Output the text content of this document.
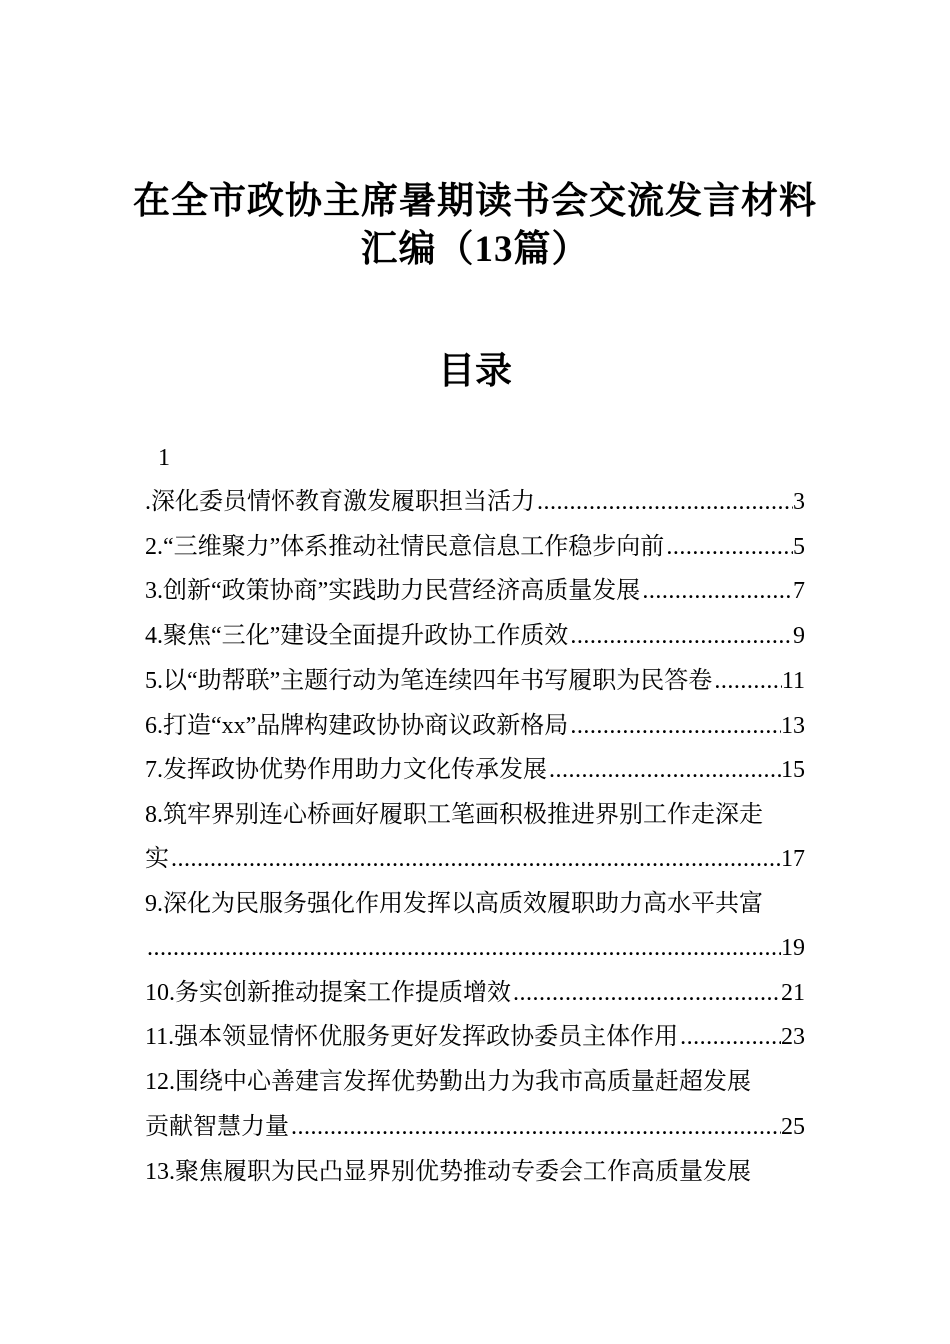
在全市政协主席暑期读书会交流发言材料
汇编（13篇）
目录
1
.深化委员情怀教育激发履职担当活力 .....	3
2.“三维聚力”体系推动社情民意信息工作稳步向前 .....	5
3.创新“政策协商”实践助力民营经济高质量发展 .....	7
4.聚焦“三化”建设全面提升政协工作质效 .....	9
5.以“助帮联”主题行动为笔连续四年书写履职为民答卷 .....	11
6.打造“xx”品牌构建政协协商议政新格局 .....	13
7.发挥政协优势作用助力文化传承发展 .....	15
8.筑牢界别连心桥画好履职工笔画积极推进界别工作走深走
实 .....	17
9.深化为民服务强化作用发挥以高质效履职助力高水平共富
.....
19
10.务实创新推动提案工作提质增效 .....	21
11.强本领显情怀优服务更好发挥政协委员主体作用 .....	23
12.围绕中心善建言发挥优势勤出力为我市高质量赶超发展
贡献智慧力量 .....	25
13.聚焦履职为民凸显界别优势推动专委会工作高质量发展
